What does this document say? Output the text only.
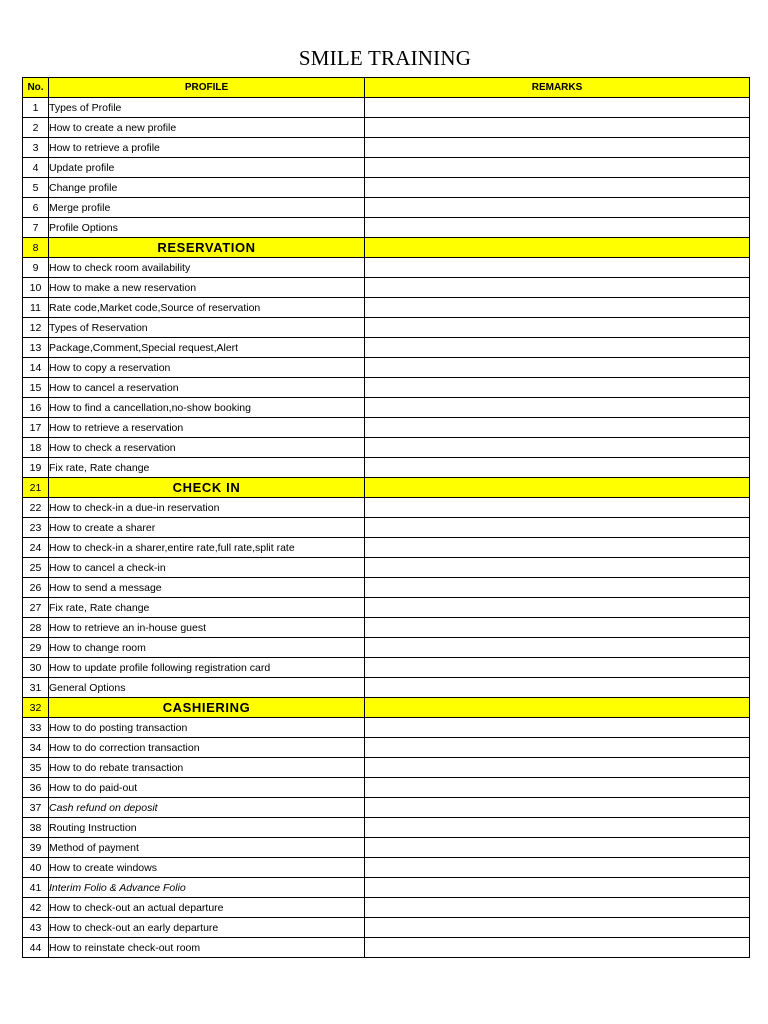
SMILE TRAINING
No.	PROFILE	REMARKS
1	Types of Profile	
2	How to create a new profile	
3	How to retrieve a profile	
4	Update profile	
5	Change profile	
6	Merge profile	
7	Profile Options	
8	RESERVATION	
9	How to check room availability	
10	How to make a new reservation	
11	Rate code,Market code,Source of reservation	
12	Types of Reservation	
13	Package,Comment,Special request,Alert	
14	How to copy a reservation	
15	How to cancel a reservation	
16	How to find a cancellation,no-show booking	
17	How to retrieve a reservation	
18	How to check a reservation	
19	Fix rate, Rate change	
21	CHECK IN	
22	How to check-in a due-in reservation	
23	How to create a sharer	
24	How to check-in a sharer,entire rate,full rate,split rate	
25	How to cancel a check-in	
26	How to send a message	
27	Fix rate, Rate change	
28	How to retrieve an in-house guest	
29	How to change room	
30	How to update profile following registration card	
31	General Options	
32	CASHIERING	
33	How to do posting transaction	
34	How to do correction transaction	
35	How to do rebate transaction	
36	How to do paid-out	
37	Cash refund on deposit	
38	Routing Instruction	
39	Method of payment	
40	How to create windows	
41	Interim Folio & Advance Folio	
42	How to check-out an actual departure	
43	How to check-out an early departure	
44	How to reinstate check-out room	
